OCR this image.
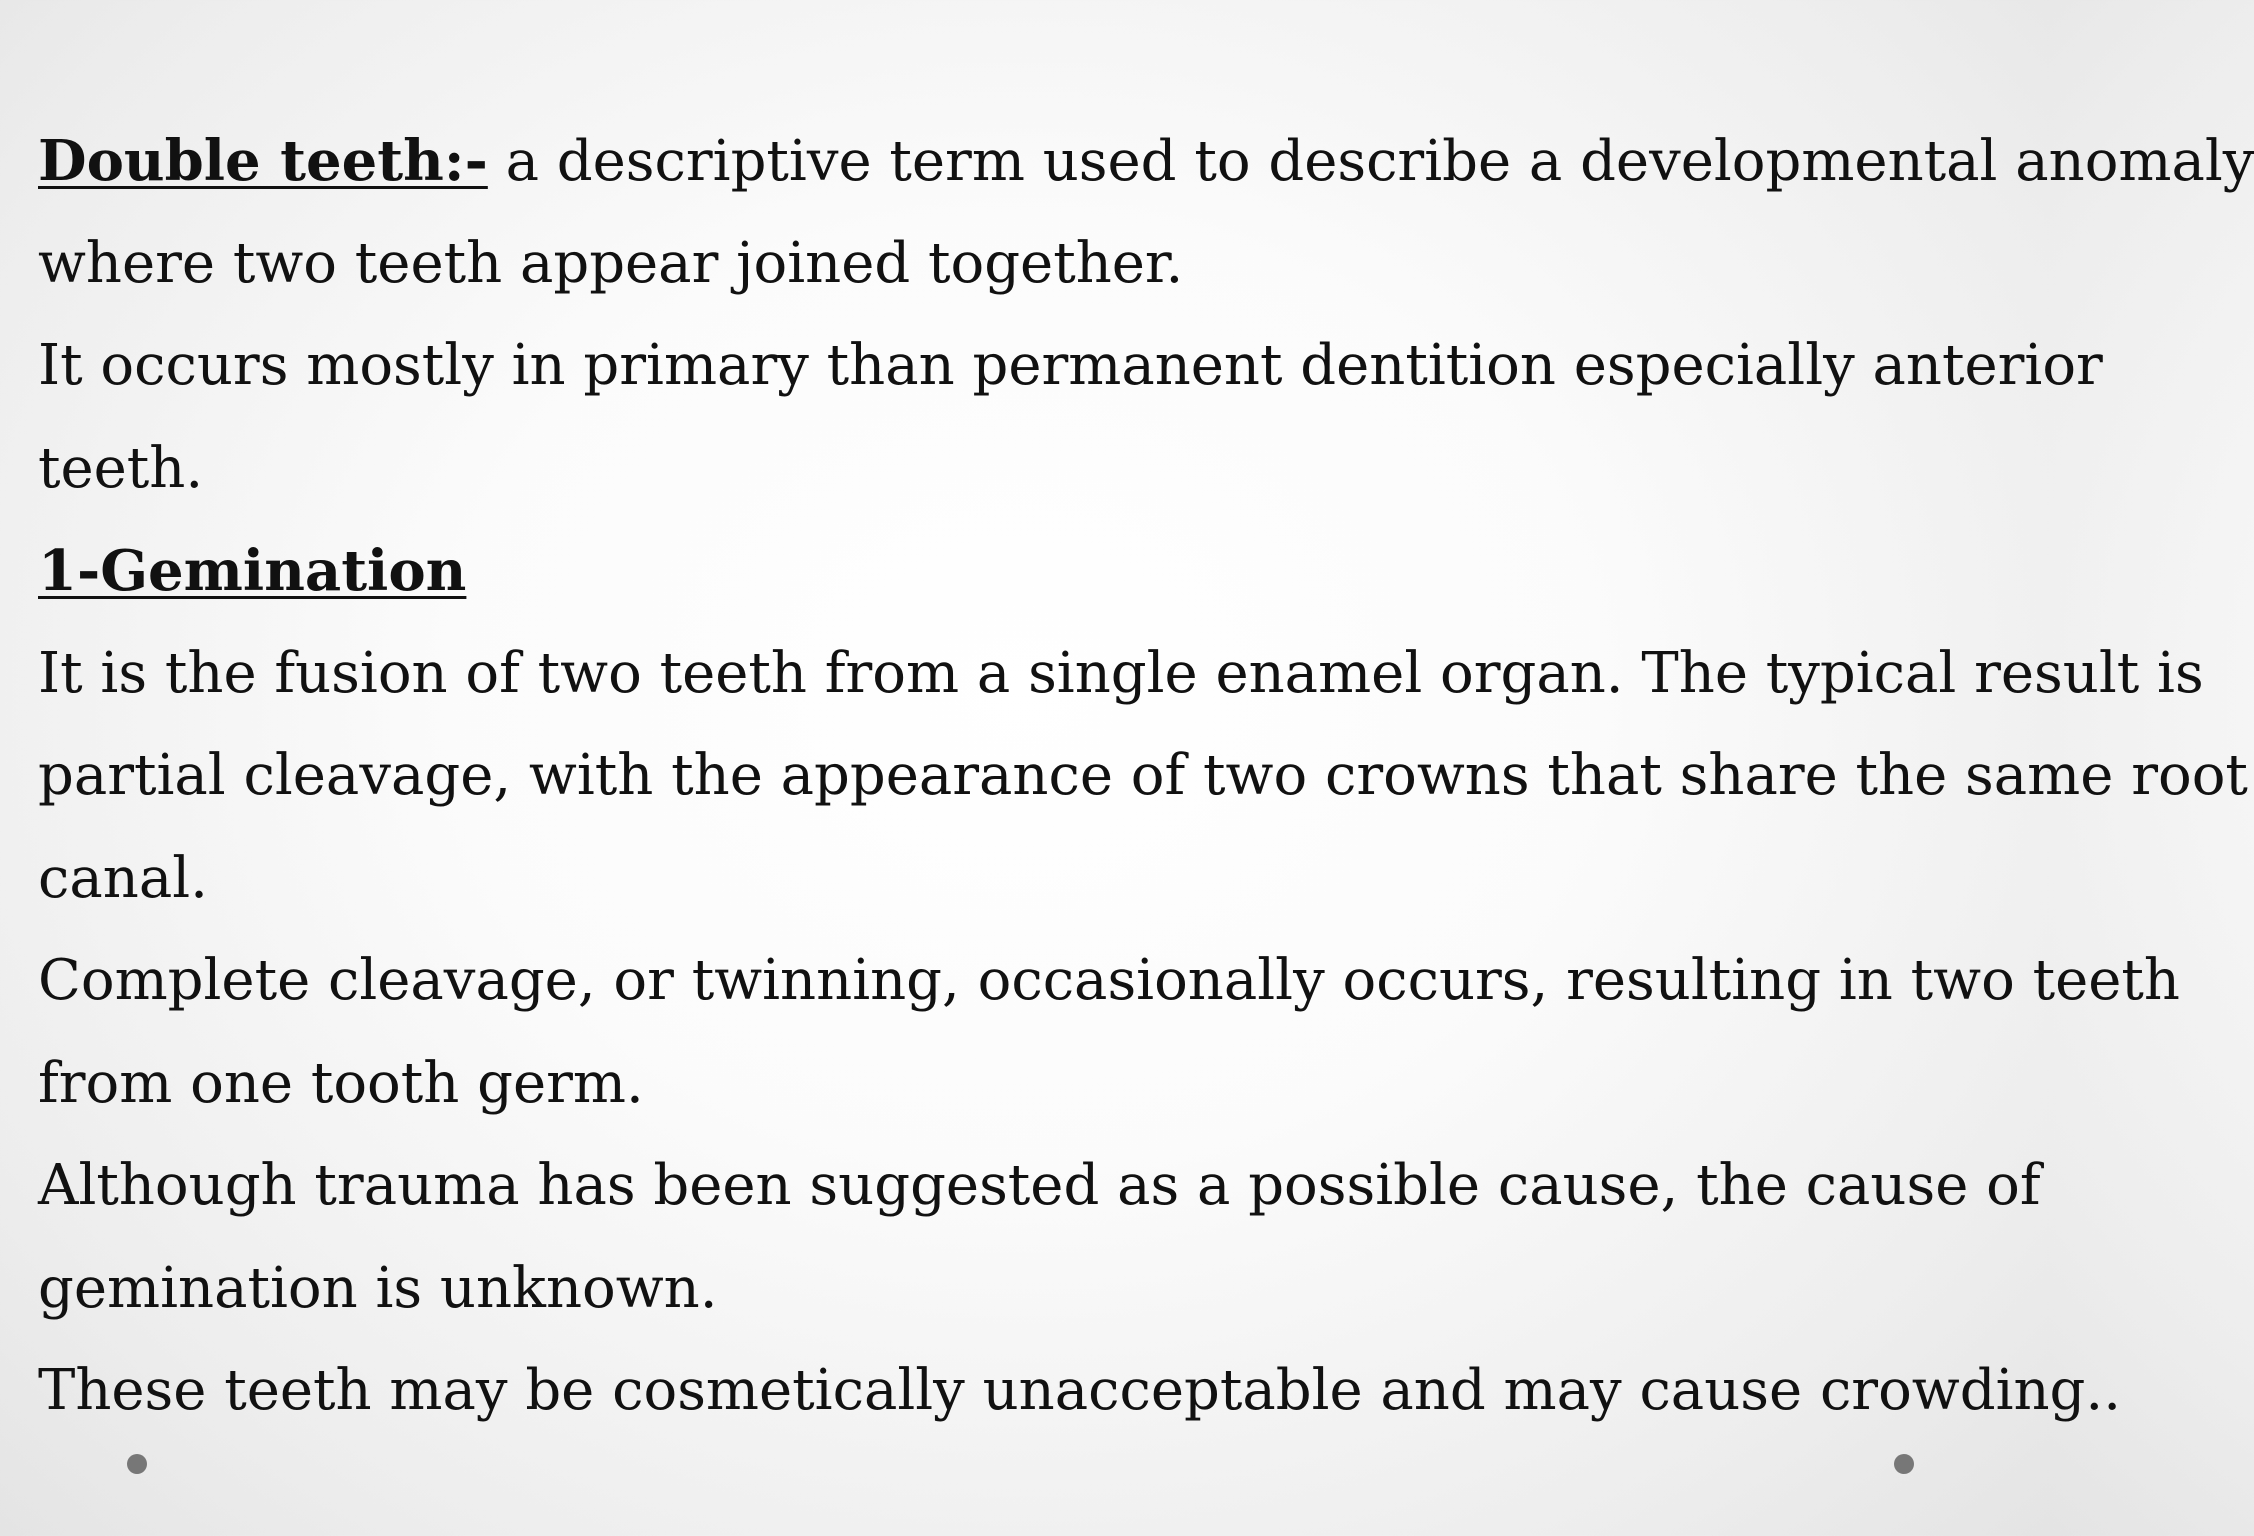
Double teeth:- a descriptive term used to describe a developmental anomaly
where two teeth appear joined together.
It occurs mostly in primary than permanent dentition especially anterior
teeth.
1-Gemination
It is the fusion of two teeth from a single enamel organ. The typical result is
partial cleavage, with the appearance of two crowns that share the same root
canal.
Complete cleavage, or twinning, occasionally occurs, resulting in two teeth
from one tooth germ.
Although trauma has been suggested as a possible cause, the cause of
gemination is unknown.
These teeth may be cosmetically unacceptable and may cause crowding..
